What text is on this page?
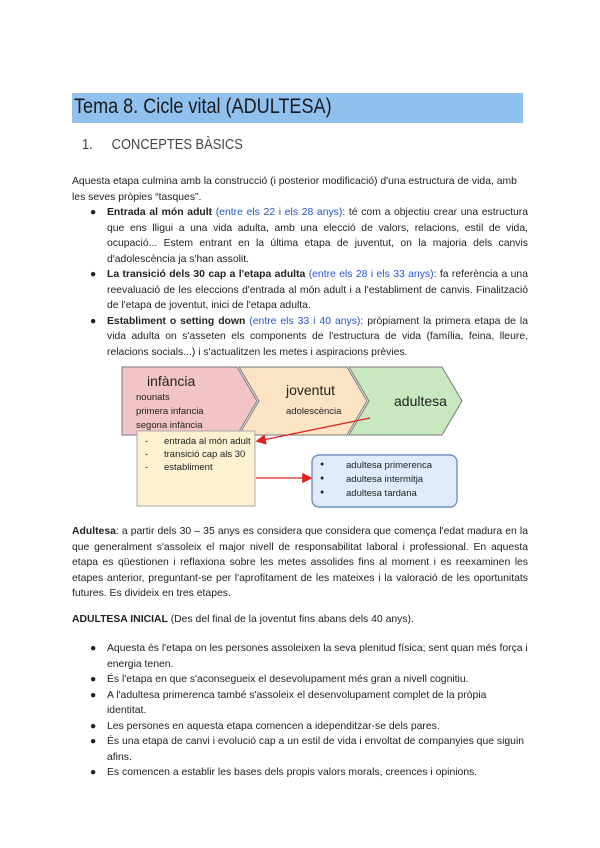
Tema 8. Cicle vital (ADULTESA)
1. CONCEPTES BÀSICS
Aquesta etapa culmina amb la construcció (i posterior modificació) d'una estructura de vida, amb les seves pròpies “tasques”.
● Entrada al món adult (entre els 22 i els 28 anys): té com a objectiu crear una estructura que ens lligui a una vida adulta, amb una elecció de valors, relacions, estil de vida, ocupació... Estem entrant en la última etapa de juventut, on la majoria dels canvis d'adolescència ja s'han assolit.
● La transició dels 30 cap a l'etapa adulta (entre els 28 i els 33 anys): fa referència a una reevaluació de les eleccions d'entrada al món adult i a l'establiment de canvis. Finalització de l'etapa de joventut, inici de l'etapa adulta.
● Establiment o setting down (entre els 33 i 40 anys): pròpiament la primera etapa de la vida adulta on s'asseten els components de l'estructura de vida (família, feina, lleure, relacions socials...) i s'actualitzen les metes i aspiracions prèvies.
infància
nounats
primera infancia
segona infància
joventut
adolescència
adultesa
- entrada al món adult
- transició cap als 30
- establiment	● adultesa primerenca
● adultesa intermitja
● adultesa tardana
Adultesa: a partir dels 30 – 35 anys es considera que considera que comença l'edat madura en la que generalment s'assoleix el major nivell de responsabilitat laboral i professional. En aquesta etapa es qüestionen i reflaxiona sobre les metes assolides fins al moment i es reexaminen les etapes anterior, preguntant-se per l'aprofitament de les mateixes i la valoració de les oportunitats futures. Es divideix en tres etapes.
ADULTESA INICIAL (Des del final de la joventut fins abans dels 40 anys).
● Aquesta és l'etapa on les persones assoleixen la seva plenitud física; sent quan més força i energia tenen.
● És l'etapa en que s'aconsegueix el desevolupament més gran a nivell cognitiu.
● A l'adultesa primerenca també s'assoleix el desenvolupament complet de la pròpia identitat.
● Les persones en aquesta etapa comencen a idependitzar-se dels pares.
● És una etapa de canvi i evolució cap a un estil de vida i envoltat de companyies que siguin afins.
● Es comencen a establir les bases dels propis valors morals, creences i opinions.
